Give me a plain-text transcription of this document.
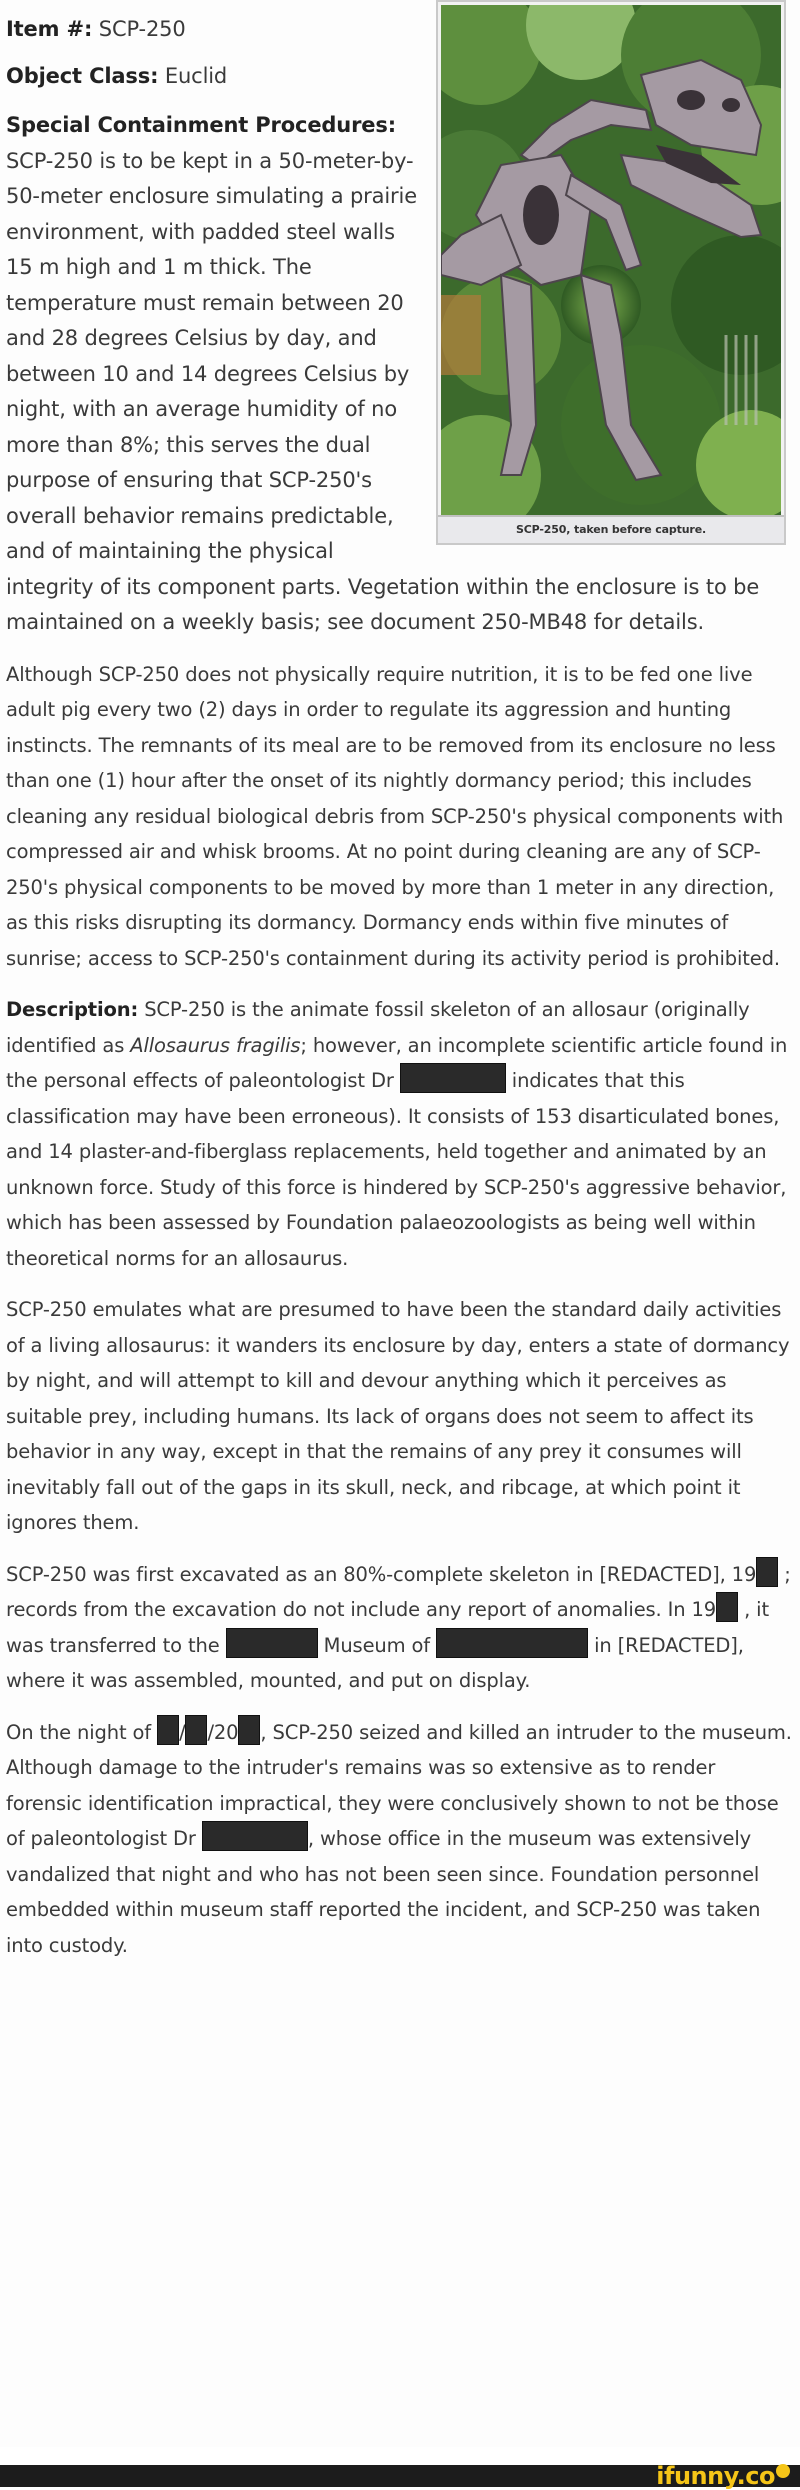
SCP-250, taken before capture.

Item #: SCP-250

Object Class: Euclid

Special Containment Procedures: SCP-250 is to be kept in a 50-meter-by-50-meter enclosure simulating a prairie environment, with padded steel walls 15 m high and 1 m thick. The temperature must remain between 20 and 28 degrees Celsius by day, and between 10 and 14 degrees Celsius by night, with an average humidity of no more than 8%; this serves the dual purpose of ensuring that SCP-250's overall behavior remains predictable, and of maintaining the physical integrity of its component parts. Vegetation within the enclosure is to be maintained on a weekly basis; see document 250-MB48 for details.

Although SCP-250 does not physically require nutrition, it is to be fed one live adult pig every two (2) days in order to regulate its aggression and hunting instincts. The remnants of its meal are to be removed from its enclosure no less than one (1) hour after the onset of its nightly dormancy period; this includes cleaning any residual biological debris from SCP-250's physical components with compressed air and whisk brooms. At no point during cleaning are any of SCP-250's physical components to be moved by more than 1 meter in any direction, as this risks disrupting its dormancy. Dormancy ends within five minutes of sunrise; access to SCP-250's containment during its activity period is prohibited.

Description: SCP-250 is the animate fossil skeleton of an allosaur (originally identified as Allosaurus fragilis; however, an incomplete scientific article found in the personal effects of paleontologist Dr	indicates that this classification may have been erroneous). It consists of 153 disarticulated bones, and 14 plaster-and-fiberglass replacements, held together and animated by an unknown force. Study of this force is hindered by SCP-250's aggressive behavior, which has been assessed by Foundation palaeozoologists as being well within theoretical norms for an allosaurus.

SCP-250 emulates what are presumed to have been the standard daily activities of a living allosaurus: it wanders its enclosure by day, enters a state of dormancy by night, and will attempt to kill and devour anything which it perceives as suitable prey, including humans. Its lack of organs does not seem to affect its behavior in any way, except in that the remains of any prey it consumes will inevitably fall out of the gaps in its skull, neck, and ribcage, at which point it ignores them.

SCP-250 was first excavated as an 80%-complete skeleton in [REDACTED], 19 ; records from the excavation do not include any report of anomalies. In 19 , it was transferred to the	Museum of	in [REDACTED], where it was assembled, mounted, and put on display.

On the night of / /20 , SCP-250 seized and killed an intruder to the museum. Although damage to the intruder's remains was so extensive as to render forensic identification impractical, they were conclusively shown to not be those of paleontologist Dr	, whose office in the museum was extensively vandalized that night and who has not been seen since. Foundation personnel embedded within museum staff reported the incident, and SCP-250 was taken into custody.

ifunny.co
